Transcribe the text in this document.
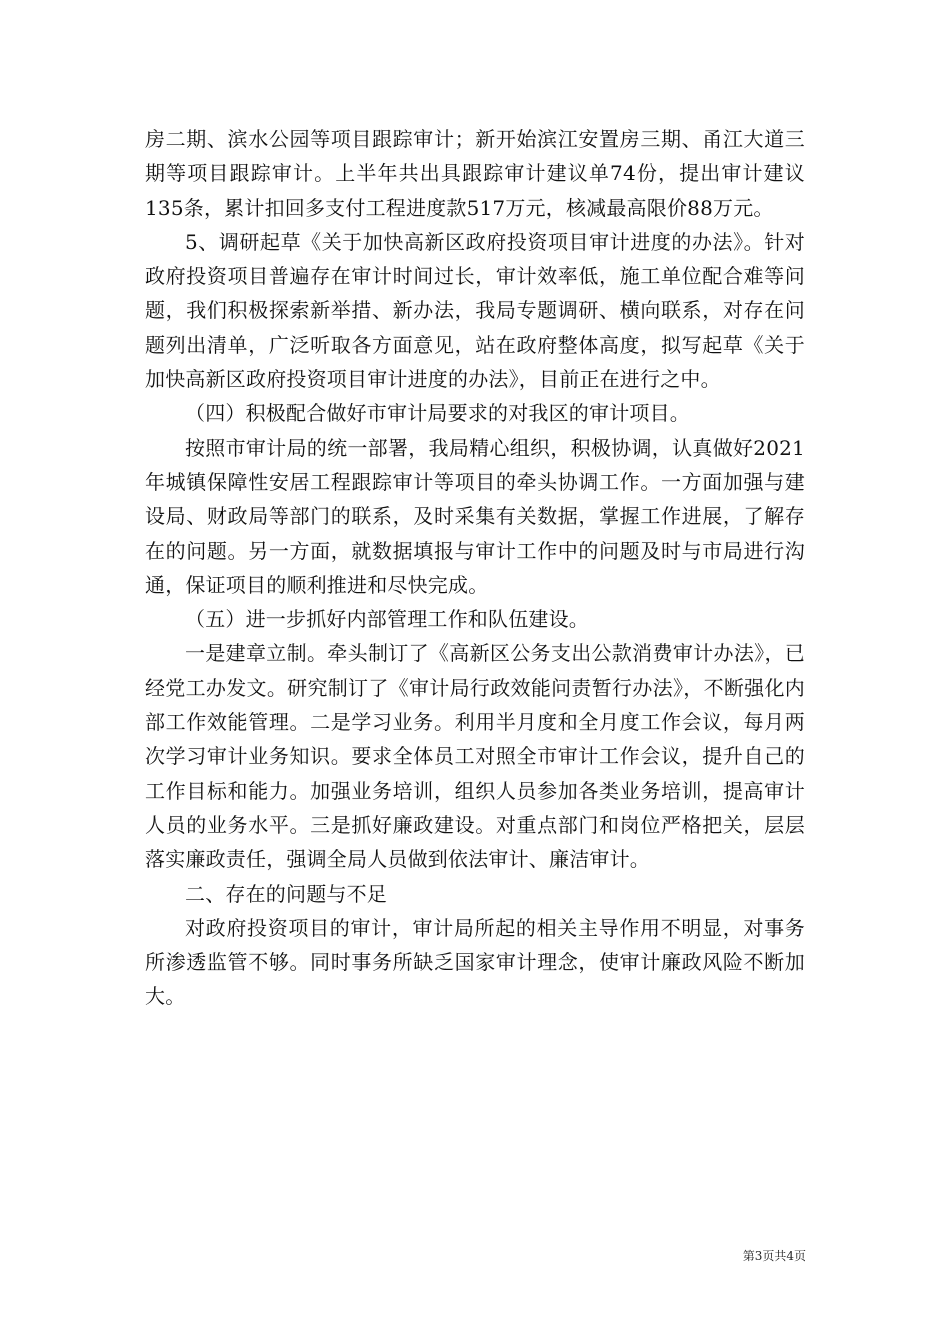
房二期、滨水公园等项目跟踪审计；新开始滨江安置房三期、甬江大道三期等项目跟踪审计。上半年共出具跟踪审计建议单74份，提出审计建议135条，累计扣回多支付工程进度款517万元，核减最高限价88万元。

5、调研起草《关于加快高新区政府投资项目审计进度的办法》。针对政府投资项目普遍存在审计时间过长，审计效率低，施工单位配合难等问题，我们积极探索新举措、新办法，我局专题调研、横向联系，对存在问题列出清单，广泛听取各方面意见，站在政府整体高度，拟写起草《关于加快高新区政府投资项目审计进度的办法》，目前正在进行之中。

（四）积极配合做好市审计局要求的对我区的审计项目。

按照市审计局的统一部署，我局精心组织，积极协调，认真做好2021年城镇保障性安居工程跟踪审计等项目的牵头协调工作。一方面加强与建设局、财政局等部门的联系，及时采集有关数据，掌握工作进展，了解存在的问题。另一方面，就数据填报与审计工作中的问题及时与市局进行沟通，保证项目的顺利推进和尽快完成。

（五）进一步抓好内部管理工作和队伍建设。

一是建章立制。牵头制订了《高新区公务支出公款消费审计办法》，已经党工办发文。研究制订了《审计局行政效能问责暂行办法》，不断强化内部工作效能管理。二是学习业务。利用半月度和全月度工作会议，每月两次学习审计业务知识。要求全体员工对照全市审计工作会议，提升自己的工作目标和能力。加强业务培训，组织人员参加各类业务培训，提高审计人员的业务水平。三是抓好廉政建设。对重点部门和岗位严格把关，层层落实廉政责任，强调全局人员做到依法审计、廉洁审计。

二、存在的问题与不足

对政府投资项目的审计，审计局所起的相关主导作用不明显，对事务所渗透监管不够。同时事务所缺乏国家审计理念，使审计廉政风险不断加大。

第3页共4页
